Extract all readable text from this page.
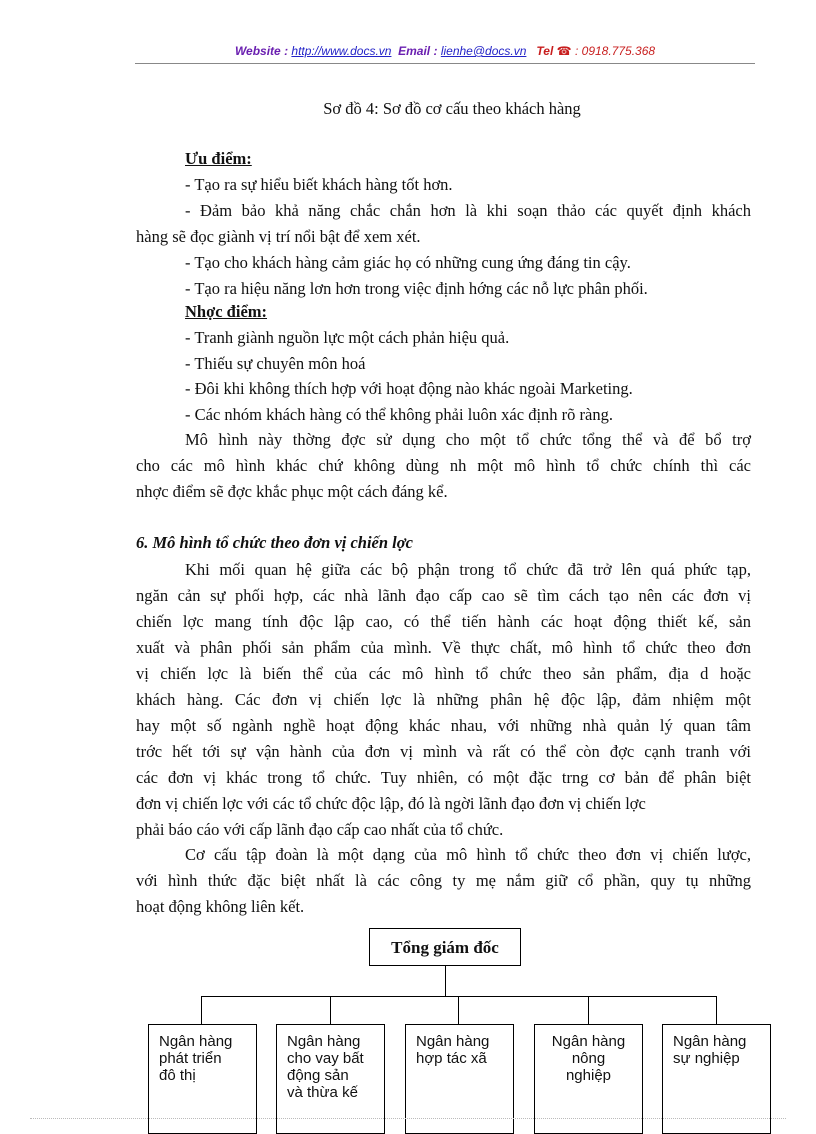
Website : http://www.docs.vn Email : lienhe@docs.vn Tel ☎ : 0918.775.368
Sơ đồ 4: Sơ đồ cơ cấu theo khách hàng
Ưu điểm:
- Tạo ra sự hiểu biết khách hàng tốt hơn.
- Đảm bảo khả năng chắc chắn hơn là khi soạn thảo các quyết định khách
hàng sẽ đọc giành vị trí nổi bật để xem xét.
- Tạo cho khách hàng cảm giác họ có những cung ứng đáng tin cậy.
- Tạo ra hiệu năng lơn hơn trong việc định hớng các nỗ lực phân phối.
Nhợc điểm:
- Tranh giành nguồn lực một cách phản hiệu quả.
- Thiếu sự chuyên môn hoá
- Đôi khi không thích hợp với hoạt động nào khác ngoài Marketing.
- Các nhóm khách hàng có thể không phải luôn xác định rõ ràng.
Mô hình này thờng đợc sử dụng cho một tổ chức tổng thể và để bổ trợ
cho các mô hình khác chứ không dùng nh một mô hình tổ chức chính thì các
nhợc điểm sẽ đợc khắc phục một cách đáng kể.
6. Mô hình tổ chức theo đơn vị chiến lợc
Khi mối quan hệ giữa các bộ phận trong tổ chức đã trở lên quá phức tạp,
ngăn cản sự phối hợp, các nhà lãnh đạo cấp cao sẽ tìm cách tạo nên các đơn vị
chiến lợc mang tính độc lập cao, có thể tiến hành các hoạt động thiết kế, sản
xuất và phân phối sản phẩm của mình. Về thực chất, mô hình tổ chức theo đơn
vị chiến lợc là biến thể của các mô hình tổ chức theo sản phẩm, địa d hoặc
khách hàng. Các đơn vị chiến lợc là những phân hệ độc lập, đảm nhiệm một
hay một số ngành nghề hoạt động khác nhau, với những nhà quản lý quan tâm
trớc hết tới sự vận hành của đơn vị mình và rất có thể còn đợc cạnh tranh với
các đơn vị khác trong tổ chức. Tuy nhiên, có một đặc trng cơ bản để phân biệt
đơn vị chiến lợc với các tổ chức độc lập, đó là ngời lãnh đạo đơn vị chiến lợc
phải báo cáo với cấp lãnh đạo cấp cao nhất của tổ chức.
Cơ cấu tập đoàn là một dạng của mô hình tổ chức theo đơn vị chiến lược,
với hình thức đặc biệt nhất là các công ty mẹ nắm giữ cổ phần, quy tụ những
hoạt động không liên kết.
Tổng giám đốc
Ngân hàng
phát triển
đô thị
Ngân hàng
cho vay bất
động sản
và thừa kế
Ngân hàng
hợp tác xã
Ngân hàng
nông
nghiệp
Ngân hàng
sự nghiệp
